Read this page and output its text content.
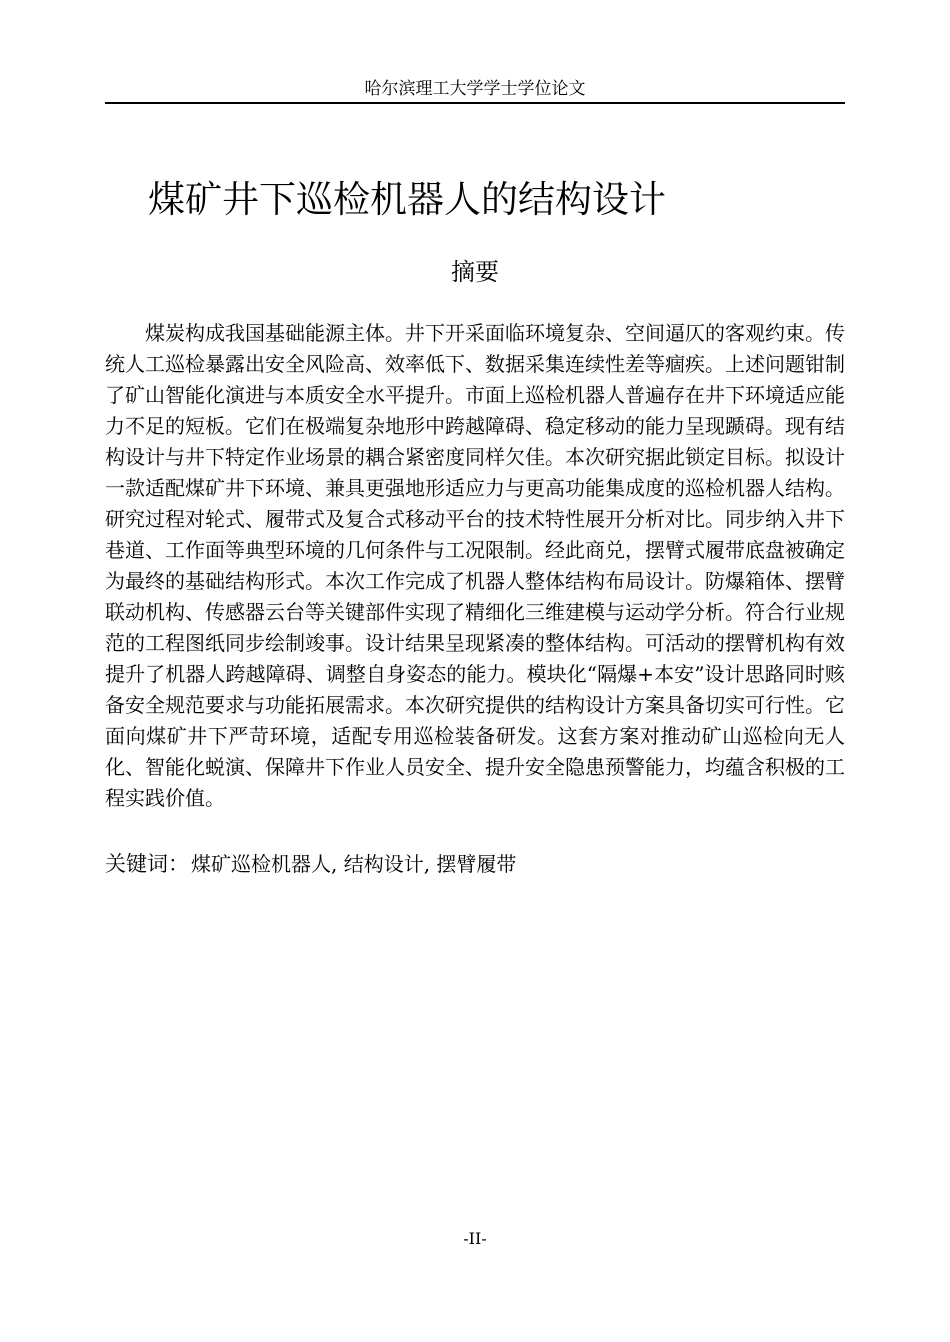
哈尔滨理工大学学士学位论文
煤矿井下巡检机器人的结构设计
摘要

煤炭构成我国基础能源主体。井下开采面临环境复杂、空间逼仄的客观约束。传统人工巡检暴露出安全风险高、效率低下、数据采集连续性差等痼疾。上述问题钳制了矿山智能化演进与本质安全水平提升。市面上巡检机器人普遍存在井下环境适应能力不足的短板。它们在极端复杂地形中跨越障碍、稳定移动的能力呈现踬碍。现有结构设计与井下特定作业场景的耦合紧密度同样欠佳。本次研究据此锁定目标。拟设计一款适配煤矿井下环境、兼具更强地形适应力与更高功能集成度的巡检机器人结构。研究过程对轮式、履带式及复合式移动平台的技术特性展开分析对比。同步纳入井下巷道、工作面等典型环境的几何条件与工况限制。经此商兑，摆臂式履带底盘被确定为最终的基础结构形式。本次工作完成了机器人整体结构布局设计。防爆箱体、摆臂联动机构、传感器云台等关键部件实现了精细化三维建模与运动学分析。符合行业规范的工程图纸同步绘制竣事。设计结果呈现紧凑的整体结构。可活动的摆臂机构有效提升了机器人跨越障碍、调整自身姿态的能力。模块化“隔爆+本安”设计思路同时赅备安全规范要求与功能拓展需求。本次研究提供的结构设计方案具备切实可行性。它面向煤矿井下严苛环境，适配专用巡检装备研发。这套方案对推动矿山巡检向无人化、智能化蜕演、保障井下作业人员安全、提升安全隐患预警能力，均蕴含积极的工程实践价值。

关键词： 煤矿巡检机器人, 结构设计, 摆臂履带
-II-
